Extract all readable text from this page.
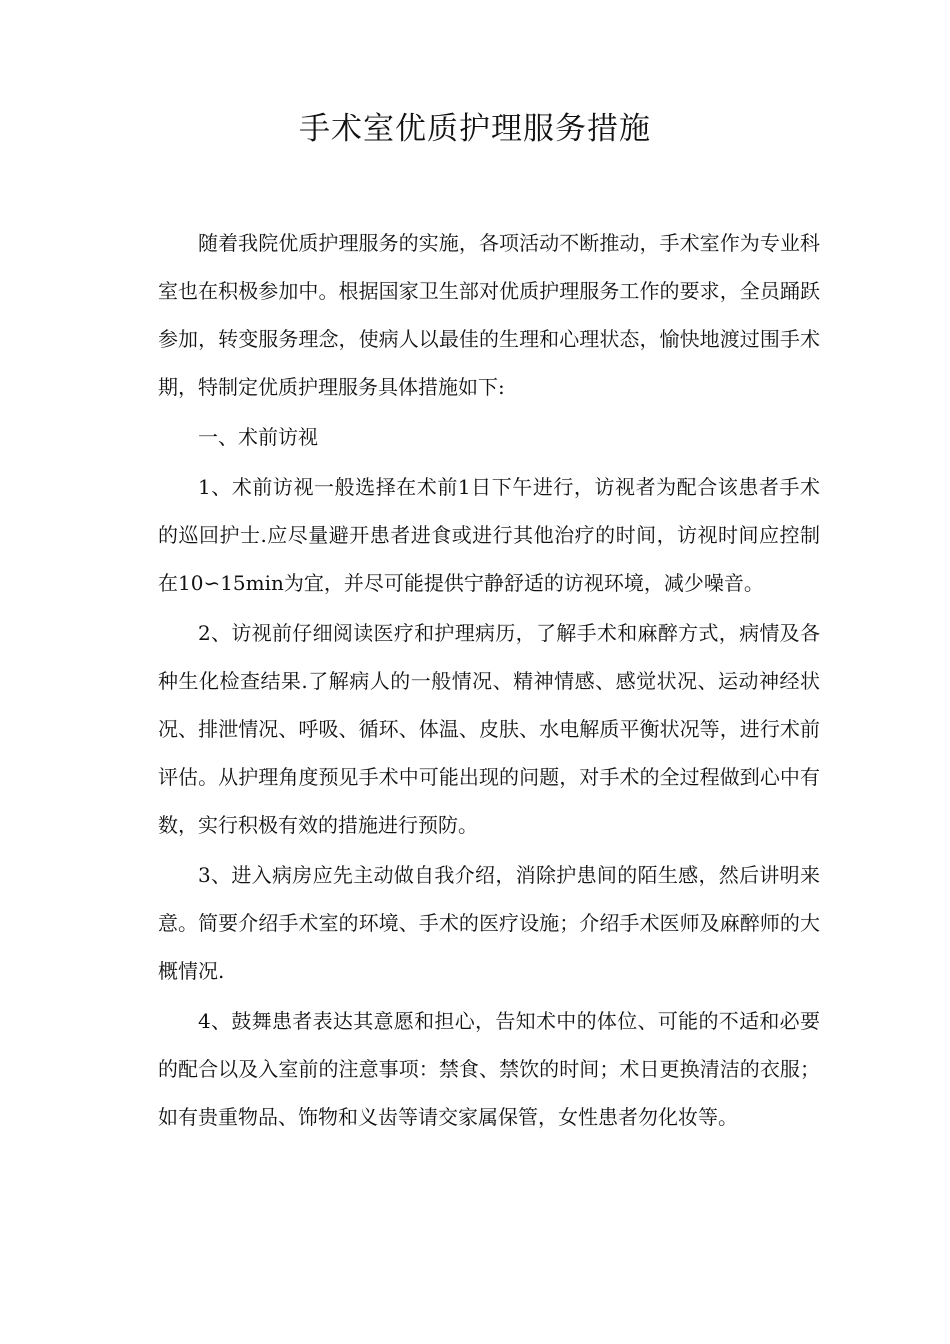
手术室优质护理服务措施

随着我院优质护理服务的实施，各项活动不断推动，手术室作为专业科室也在积极参加中。根据国家卫生部对优质护理服务工作的要求，全员踊跃参加，转变服务理念，使病人以最佳的生理和心理状态，愉快地渡过围手术期，特制定优质护理服务具体措施如下:

一、术前访视

1、术前访视一般选择在术前1日下午进行，访视者为配合该患者手术的巡回护士.应尽量避开患者进食或进行其他治疗的时间，访视时间应控制在10∽15min为宜，并尽可能提供宁静舒适的访视环境，减少噪音。

2、访视前仔细阅读医疗和护理病历，了解手术和麻醉方式，病情及各种生化检查结果.了解病人的一般情况、精神情感、感觉状况、运动神经状况、排泄情况、呼吸、循环、体温、皮肤、水电解质平衡状况等，进行术前评估。从护理角度预见手术中可能出现的问题，对手术的全过程做到心中有数，实行积极有效的措施进行预防。

3、进入病房应先主动做自我介绍，消除护患间的陌生感，然后讲明来意。简要介绍手术室的环境、手术的医疗设施；介绍手术医师及麻醉师的大概情况.

4、鼓舞患者表达其意愿和担心，告知术中的体位、可能的不适和必要的配合以及入室前的注意事项：禁食、禁饮的时间；术日更换清洁的衣服；如有贵重物品、饰物和义齿等请交家属保管，女性患者勿化妆等。
